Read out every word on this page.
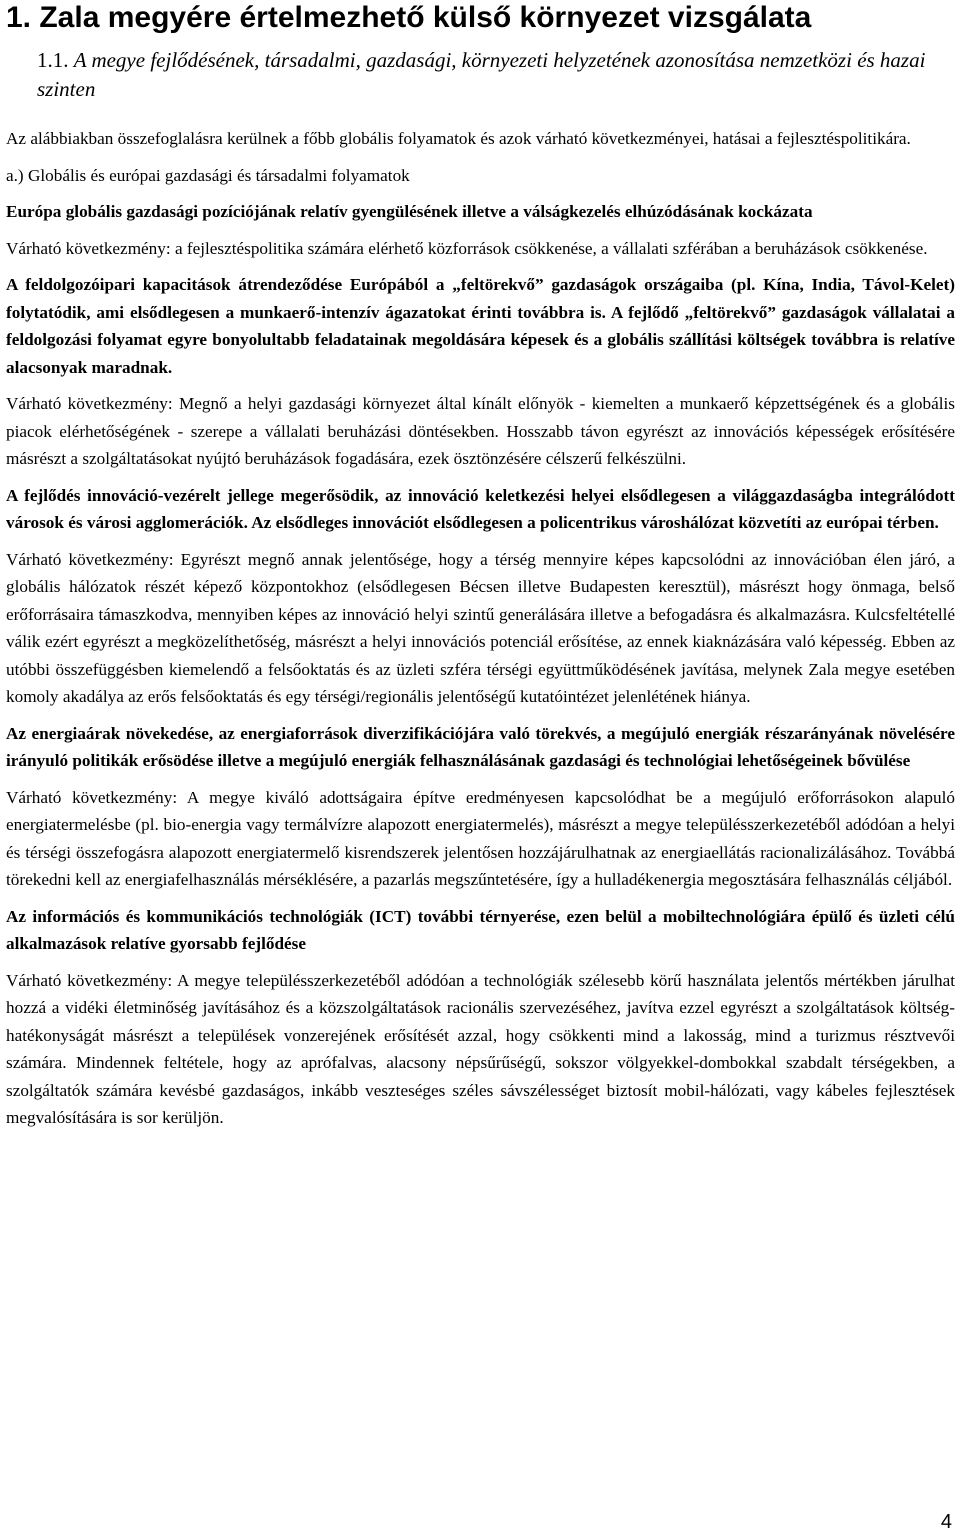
1. Zala megyére értelmezhető külső környezet vizsgálata
1.1. A megye fejlődésének, társadalmi, gazdasági, környezeti helyzetének azonosítása nemzetközi és hazai szinten

Az alábbiakban összefoglalásra kerülnek a főbb globális folyamatok és azok várható következményei, hatásai a fejlesztéspolitikára.

a.) Globális és európai gazdasági és társadalmi folyamatok

Európa globális gazdasági pozíciójának relatív gyengülésének illetve a válságkezelés elhúzódásának kockázata

Várható következmény: a fejlesztéspolitika számára elérhető közforrások csökkenése, a vállalati szférában a beruházások csökkenése.

A feldolgozóipari kapacitások átrendeződése Európából a „feltörekvő” gazdaságok országaiba (pl. Kína, India, Távol-Kelet) folytatódik, ami elsődlegesen a munkaerő-intenzív ágazatokat érinti továbbra is. A fejlődő „feltörekvő” gazdaságok vállalatai a feldolgozási folyamat egyre bonyolultabb feladatainak megoldására képesek és a globális szállítási költségek továbbra is relatíve alacsonyak maradnak.

Várható következmény: Megnő a helyi gazdasági környezet által kínált előnyök - kiemelten a munkaerő képzettségének és a globális piacok elérhetőségének - szerepe a vállalati beruházási döntésekben. Hosszabb távon egyrészt az innovációs képességek erősítésére másrészt a szolgáltatásokat nyújtó beruházások fogadására, ezek ösztönzésére célszerű felkészülni.

A fejlődés innováció-vezérelt jellege megerősödik, az innováció keletkezési helyei elsődlegesen a világgazdaságba integrálódott városok és városi agglomerációk. Az elsődleges innovációt elsődlegesen a policentrikus városhálózat közvetíti az európai térben.

Várható következmény: Egyrészt megnő annak jelentősége, hogy a térség mennyire képes kapcsolódni az innovációban élen járó, a globális hálózatok részét képező központokhoz (elsődlegesen Bécsen illetve Budapesten keresztül), másrészt hogy önmaga, belső erőforrásaira támaszkodva, mennyiben képes az innováció helyi szintű generálására illetve a befogadásra és alkalmazásra. Kulcsfeltétellé válik ezért egyrészt a megközelíthetőség, másrészt a helyi innovációs potenciál erősítése, az ennek kiaknázására való képesség. Ebben az utóbbi összefüggésben kiemelendő a felsőoktatás és az üzleti szféra térségi együttműködésének javítása, melynek Zala megye esetében komoly akadálya az erős felsőoktatás és egy térségi/regionális jelentőségű kutatóintézet jelenlétének hiánya.

Az energiaárak növekedése, az energiaforrások diverzifikációjára való törekvés, a megújuló energiák részarányának növelésére irányuló politikák erősödése illetve a megújuló energiák felhasználásának gazdasági és technológiai lehetőségeinek bővülése

Várható következmény: A megye kiváló adottságaira építve eredményesen kapcsolódhat be a megújuló erőforrásokon alapuló energiatermelésbe (pl. bio-energia vagy termálvízre alapozott energiatermelés), másrészt a megye településszerkezetéből adódóan a helyi és térségi összefogásra alapozott energiatermelő kisrendszerek jelentősen hozzájárulhatnak az energiaellátás racionalizálásához. Továbbá törekedni kell az energiafelhasználás mérséklésére, a pazarlás megszűntetésére, így a hulladékenergia megosztására felhasználás céljából.

Az információs és kommunikációs technológiák (ICT) további térnyerése, ezen belül a mobiltechnológiára épülő és üzleti célú alkalmazások relatíve gyorsabb fejlődése

Várható következmény: A megye településszerkezetéből adódóan a technológiák szélesebb körű használata jelentős mértékben járulhat hozzá a vidéki életminőség javításához és a közszolgáltatások racionális szervezéséhez, javítva ezzel egyrészt a szolgáltatások költség-hatékonyságát másrészt a települések vonzerejének erősítését azzal, hogy csökkenti mind a lakosság, mind a turizmus résztvevői számára. Mindennek feltétele, hogy az aprófalvas, alacsony népsűrűségű, sokszor völgyekkel-dombokkal szabdalt térségekben, a szolgáltatók számára kevésbé gazdaságos, inkább veszteséges széles sávszélességet biztosít mobil-hálózati, vagy kábeles fejlesztések megvalósítására is sor kerüljön.

4
